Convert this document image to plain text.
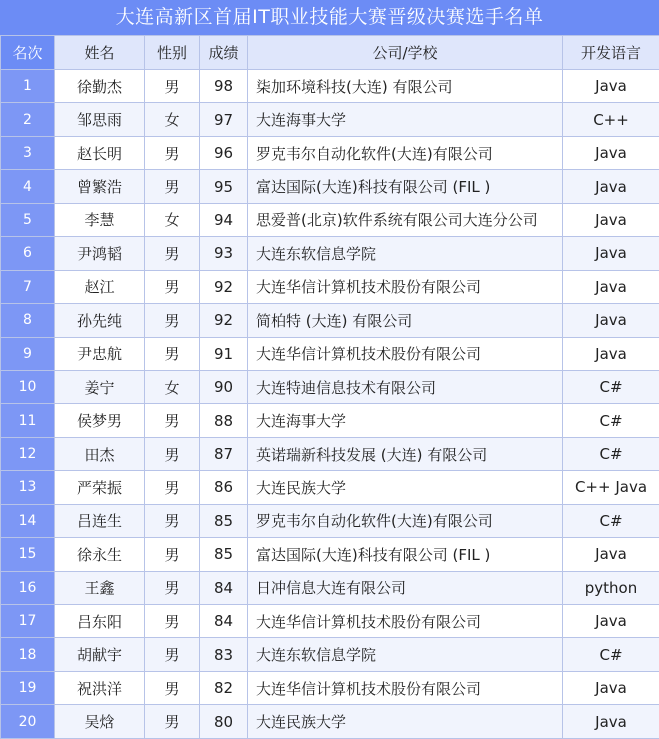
大连高新区首届IT职业技能大赛晋级决赛选手名单
名次	姓名	性别	成绩	公司/学校	开发语言
1	徐勤杰	男	98	柒加环境科技(大连) 有限公司	Java
2	邹思雨	女	97	大连海事大学	C++
3	赵长明	男	96	罗克韦尔自动化软件(大连)有限公司	Java
4	曾繁浩	男	95	富达国际(大连)科技有限公司 (FIL )	Java
5	李慧	女	94	思爱普(北京)软件系统有限公司大连分公司	Java
6	尹鸿韬	男	93	大连东软信息学院	Java
7	赵江	男	92	大连华信计算机技术股份有限公司	Java
8	孙先纯	男	92	简柏特 (大连) 有限公司	Java
9	尹忠航	男	91	大连华信计算机技术股份有限公司	Java
10	姜宁	女	90	大连特迪信息技术有限公司	C#
11	侯梦男	男	88	大连海事大学	C#
12	田杰	男	87	英诺瑞新科技发展 (大连) 有限公司	C#
13	严荣振	男	86	大连民族大学	C++ Java
14	吕连生	男	85	罗克韦尔自动化软件(大连)有限公司	C#
15	徐永生	男	85	富达国际(大连)科技有限公司 (FIL )	Java
16	王鑫	男	84	日冲信息大连有限公司	python
17	吕东阳	男	84	大连华信计算机技术股份有限公司	Java
18	胡献宇	男	83	大连东软信息学院	C#
19	祝洪洋	男	82	大连华信计算机技术股份有限公司	Java
20	吴焓	男	80	大连民族大学	Java
